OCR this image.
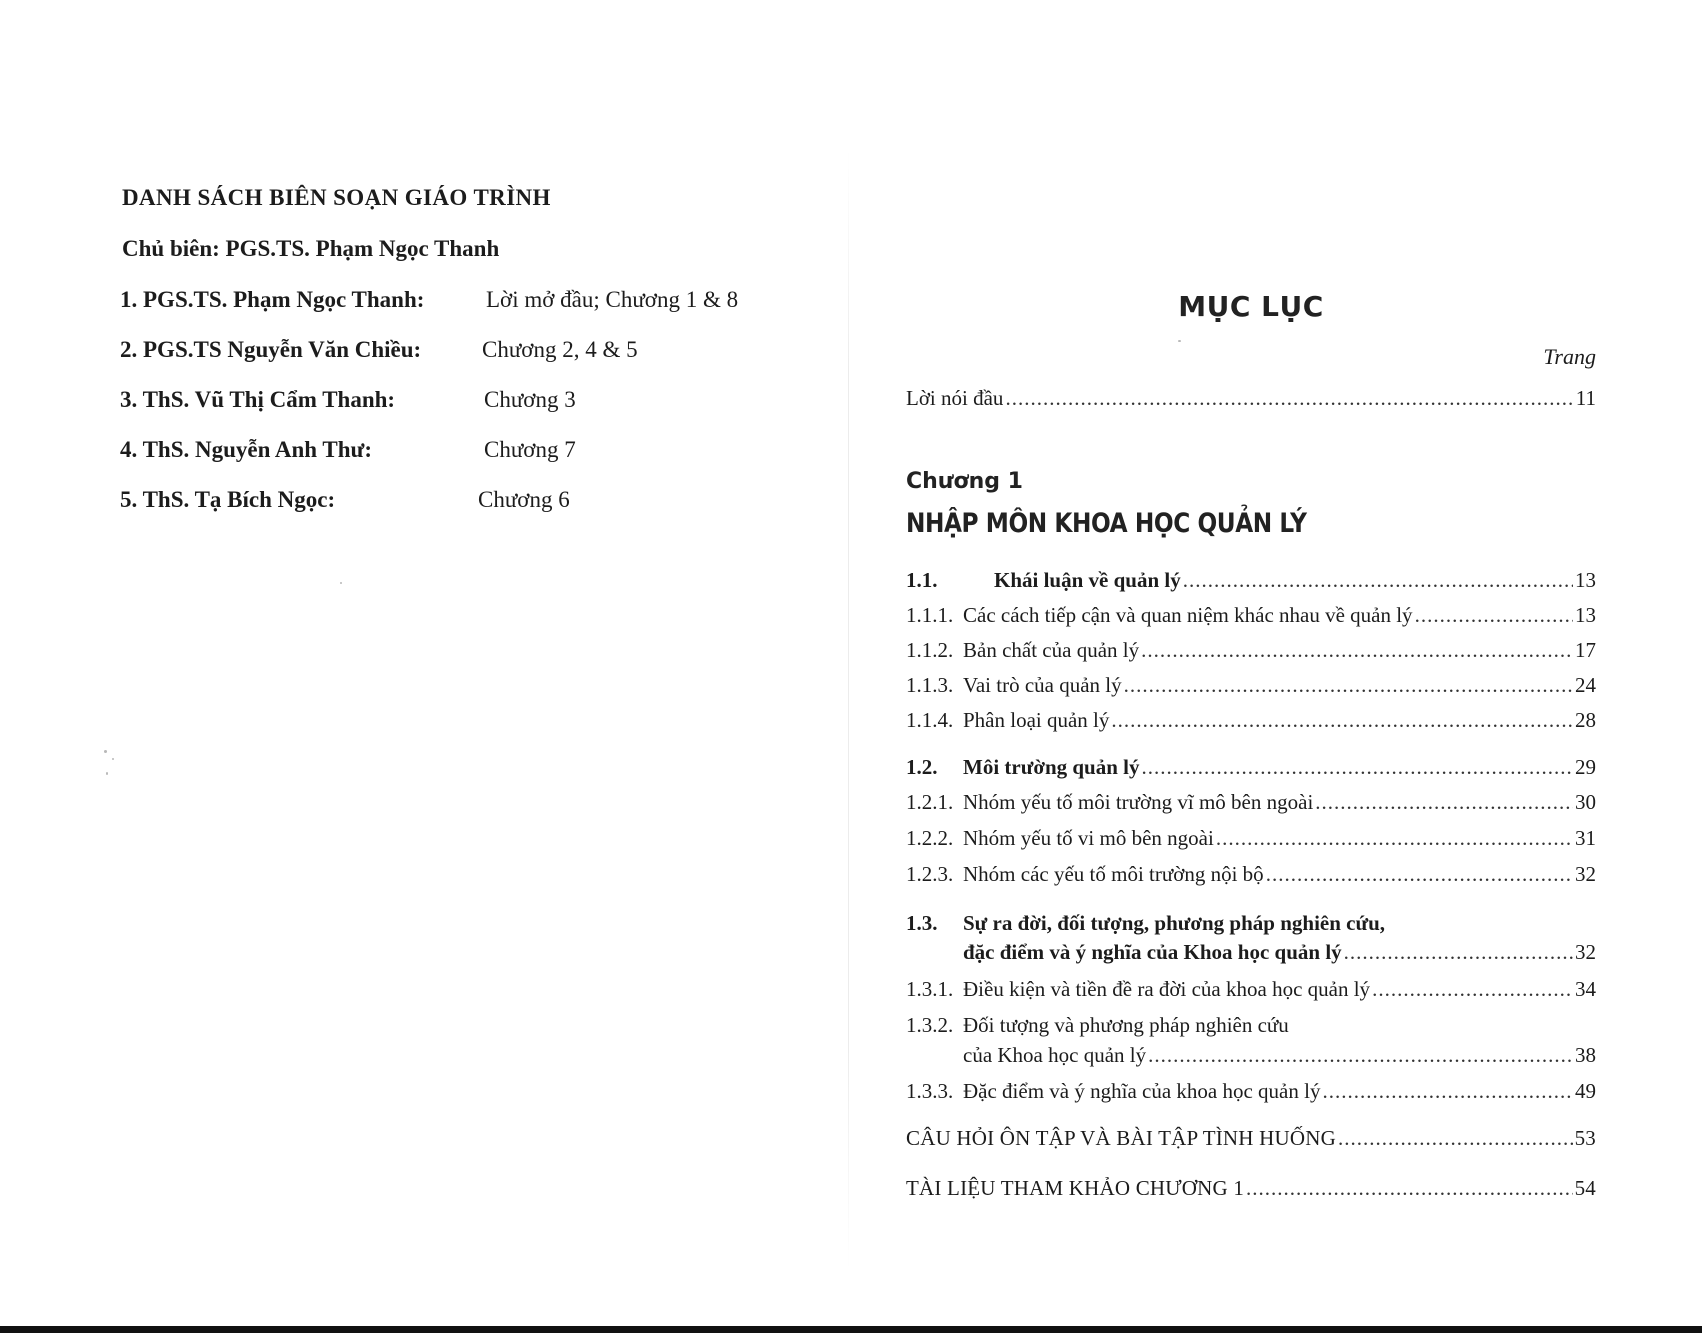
DANH SÁCH BIÊN SOẠN GIÁO TRÌNH

Chủ biên: PGS.TS. Phạm Ngọc Thanh

1. PGS.TS. Phạm Ngọc Thanh:	Lời mở đầu; Chương 1 & 8
2. PGS.TS Nguyễn Văn Chiều:	Chương 2, 4 & 5
3. ThS. Vũ Thị Cẩm Thanh:	Chương 3
4. ThS. Nguyễn Anh Thư:	Chương 7
5. ThS. Tạ Bích Ngọc:	Chương 6
MỤC LỤC

Trang

Lời nói đầu .....	11

Chương 1

NHẬP MÔN KHOA HỌC QUẢN LÝ

1.1.	Khái luận về quản lý .....	13
1.1.1. Các cách tiếp cận và quan niệm khác nhau về quản lý .....	13
1.1.2. Bản chất của quản lý .....	17
1.1.3. Vai trò của quản lý .....	24
1.1.4. Phân loại quản lý .....	28
1.2.	Môi trường quản lý .....	29
1.2.1. Nhóm yếu tố môi trường vĩ mô bên ngoài .....	30
1.2.2. Nhóm yếu tố vi mô bên ngoài .....	31
1.2.3. Nhóm các yếu tố môi trường nội bộ .....	32
1.3. Sự ra đời, đối tượng, phương pháp nghiên cứu,
đặc điểm và ý nghĩa của Khoa học quản lý .....	32
1.3.1. Điều kiện và tiền đề ra đời của khoa học quản lý .....	34
1.3.2. Đối tượng và phương pháp nghiên cứu
của Khoa học quản lý .....	38
1.3.3. Đặc điểm và ý nghĩa của khoa học quản lý .....	49
CÂU HỎI ÔN TẬP VÀ BÀI TẬP TÌNH HUỐNG .....	53
TÀI LIỆU THAM KHẢO CHƯƠNG 1 .....	54
